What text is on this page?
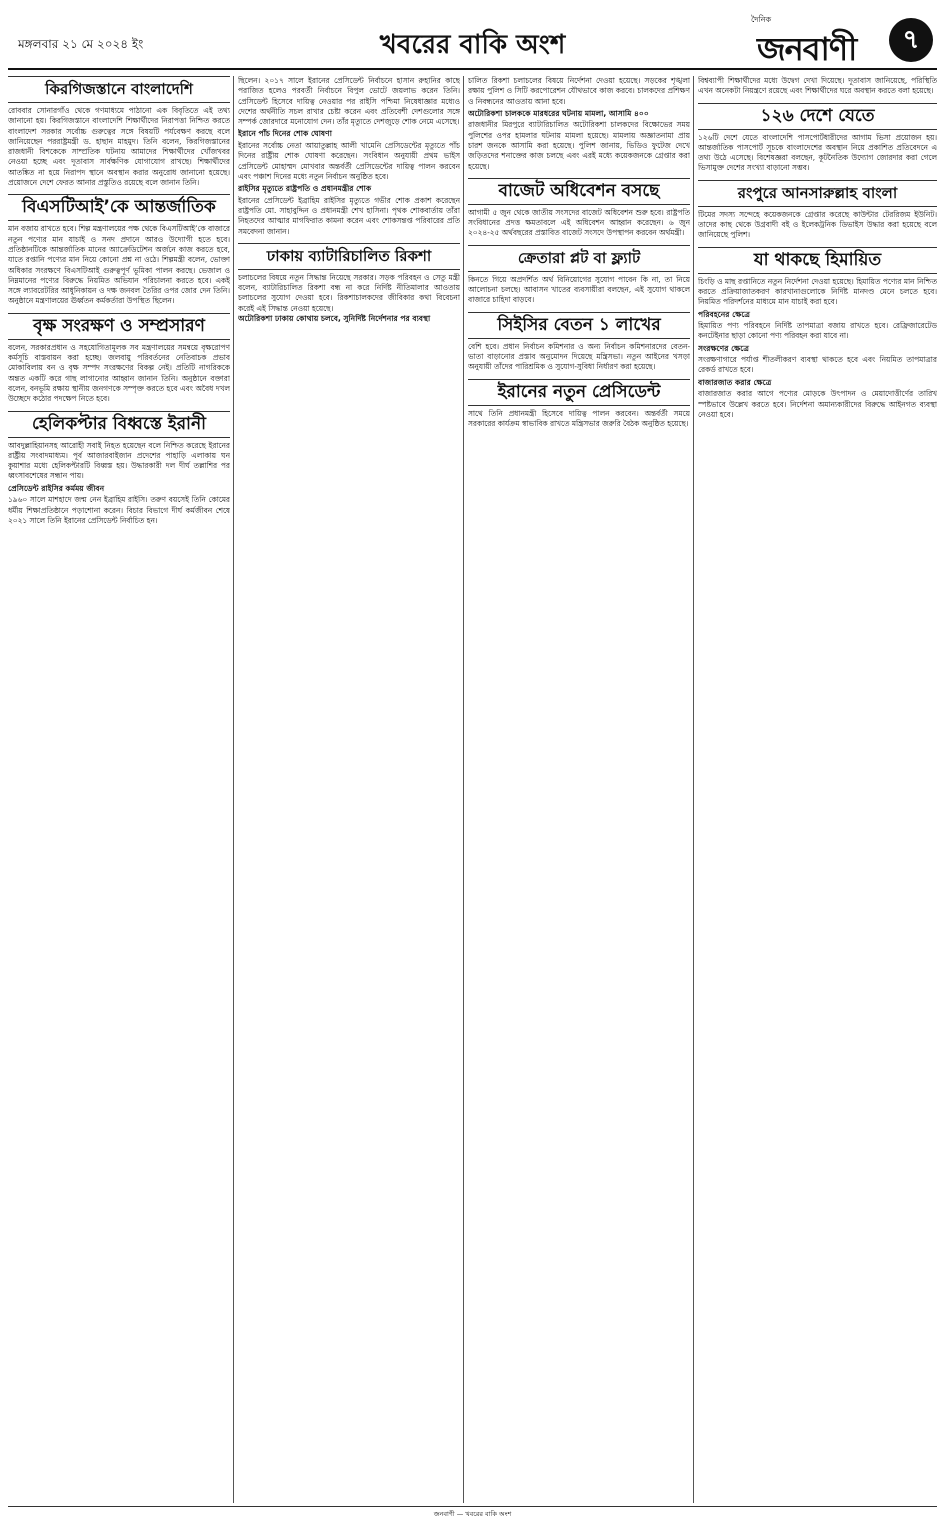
মঙ্গলবার ২১ মে ২০২৪ ইং	খবরের বাকি অংশ
দৈনিক
জনবাণী	৭
কিরগিজস্তানে বাংলাদেশি

রোববার সোনারগাঁও থেকে গণমাধ্যমে পাঠানো এক বিবৃতিতে এই তথ্য জানানো হয়। কিরগিজস্তানে বাংলাদেশি শিক্ষার্থীদের নিরাপত্তা নিশ্চিত করতে বাংলাদেশ সরকার সর্বোচ্চ গুরুত্বের সঙ্গে বিষয়টি পর্যবেক্ষণ করছে বলে জানিয়েছেন পররাষ্ট্রমন্ত্রী ড. হাছান মাহমুদ। তিনি বলেন, কিরগিজস্তানের রাজধানী বিশকেকে সাম্প্রতিক ঘটনায় আমাদের শিক্ষার্থীদের খোঁজখবর নেওয়া হচ্ছে এবং দূতাবাস সার্বক্ষণিক যোগাযোগ রাখছে। শিক্ষার্থীদের আতঙ্কিত না হয়ে নিরাপদ স্থানে অবস্থান করার অনুরোধ জানানো হয়েছে। প্রয়োজনে দেশে ফেরত আনার প্রস্তুতিও রয়েছে বলে জানান তিনি।

বিএসটিআই’কে আন্তর্জাতিক

মান বজায় রাখতে হবে। শিল্প মন্ত্রণালয়ের পক্ষ থেকে বিএসটিআই’কে বাজারে নতুন পণ্যের মান যাচাই ও সনদ প্রদানে আরও উদ্যোগী হতে হবে। প্রতিষ্ঠানটিকে আন্তর্জাতিক মানের অ্যাক্রেডিটেশন অর্জনে কাজ করতে হবে, যাতে রপ্তানি পণ্যের মান নিয়ে কোনো প্রশ্ন না ওঠে। শিল্পমন্ত্রী বলেন, ভোক্তা অধিকার সংরক্ষণে বিএসটিআই গুরুত্বপূর্ণ ভূমিকা পালন করছে। ভেজাল ও নিম্নমানের পণ্যের বিরুদ্ধে নিয়মিত অভিযান পরিচালনা করতে হবে। একই সঙ্গে ল্যাবরেটরির আধুনিকায়ন ও দক্ষ জনবল তৈরির ওপর জোর দেন তিনি। অনুষ্ঠানে মন্ত্রণালয়ের ঊর্ধ্বতন কর্মকর্তারা উপস্থিত ছিলেন।

বৃক্ষ সংরক্ষণ ও সম্প্রসারণ

বলেন, সরকারপ্রধান ও সহযোগিতামূলক সব মন্ত্রণালয়ের সমন্বয়ে বৃক্ষরোপণ কর্মসূচি বাস্তবায়ন করা হচ্ছে। জলবায়ু পরিবর্তনের নেতিবাচক প্রভাব মোকাবিলায় বন ও বৃক্ষ সম্পদ সংরক্ষণের বিকল্প নেই। প্রতিটি নাগরিককে অন্তত একটি করে গাছ লাগানোর আহ্বান জানান তিনি। অনুষ্ঠানে বক্তারা বলেন, বনভূমি রক্ষায় স্থানীয় জনগণকে সম্পৃক্ত করতে হবে এবং অবৈধ দখল উচ্ছেদে কঠোর পদক্ষেপ নিতে হবে।

হেলিকপ্টার বিধ্বস্তে ইরানী

আবদুল্লাহিয়ানসহ আরোহী সবাই নিহত হয়েছেন বলে নিশ্চিত করেছে ইরানের রাষ্ট্রীয় সংবাদমাধ্যম। পূর্ব আজারবাইজান প্রদেশের পাহাড়ি এলাকায় ঘন কুয়াশার মধ্যে হেলিকপ্টারটি বিধ্বস্ত হয়। উদ্ধারকারী দল দীর্ঘ তল্লাশির পর ধ্বংসাবশেষের সন্ধান পায়।

প্রেসিডেন্ট রাইসির কর্মময় জীবন

১৯৬০ সালে মাশহাদে জন্ম নেন ইব্রাহিম রাইসি। তরুণ বয়সেই তিনি কোমের ধর্মীয় শিক্ষাপ্রতিষ্ঠানে পড়াশোনা করেন। বিচার বিভাগে দীর্ঘ কর্মজীবন শেষে ২০২১ সালে তিনি ইরানের প্রেসিডেন্ট নির্বাচিত হন।

ছিলেন। ২০১৭ সালে ইরানের প্রেসিডেন্ট নির্বাচনে হাসান রুহানির কাছে পরাজিত হলেও পরবর্তী নির্বাচনে বিপুল ভোটে জয়লাভ করেন তিনি। প্রেসিডেন্ট হিসেবে দায়িত্ব নেওয়ার পর রাইসি পশ্চিমা নিষেধাজ্ঞার মধ্যেও দেশের অর্থনীতি সচল রাখার চেষ্টা করেন এবং প্রতিবেশী দেশগুলোর সঙ্গে সম্পর্ক জোরদারে মনোযোগ দেন। তাঁর মৃত্যুতে দেশজুড়ে শোক নেমে এসেছে।

ইরানে পাঁচ দিনের শোক ঘোষণা

ইরানের সর্বোচ্চ নেতা আয়াতুল্লাহ আলী খামেনি প্রেসিডেন্টের মৃত্যুতে পাঁচ দিনের রাষ্ট্রীয় শোক ঘোষণা করেছেন। সংবিধান অনুযায়ী প্রথম ভাইস প্রেসিডেন্ট মোহাম্মদ মোখবার অন্তর্বর্তী প্রেসিডেন্টের দায়িত্ব পালন করবেন এবং পঞ্চাশ দিনের মধ্যে নতুন নির্বাচন অনুষ্ঠিত হবে।

রাইসির মৃত্যুতে রাষ্ট্রপতি ও প্রধানমন্ত্রীর শোক

ইরানের প্রেসিডেন্ট ইব্রাহিম রাইসির মৃত্যুতে গভীর শোক প্রকাশ করেছেন রাষ্ট্রপতি মো. সাহাবুদ্দিন ও প্রধানমন্ত্রী শেখ হাসিনা। পৃথক শোকবার্তায় তাঁরা নিহতদের আত্মার মাগফিরাত কামনা করেন এবং শোকসন্তপ্ত পরিবারের প্রতি সমবেদনা জানান।

ঢাকায় ব্যাটারিচালিত রিকশা

চলাচলের বিষয়ে নতুন সিদ্ধান্ত নিয়েছে সরকার। সড়ক পরিবহন ও সেতু মন্ত্রী বলেন, ব্যাটারিচালিত রিকশা বন্ধ না করে নির্দিষ্ট নীতিমালার আওতায় চলাচলের সুযোগ দেওয়া হবে। রিকশাচালকদের জীবিকার কথা বিবেচনা করেই এই সিদ্ধান্ত নেওয়া হয়েছে।

অটোরিকশা ঢাকায় কোথায় চলবে, সুনির্দিষ্ট নির্দেশনার পর ব্যবস্থা

চালিত রিকশা চলাচলের বিষয়ে নির্দেশনা দেওয়া হয়েছে। সড়কের শৃঙ্খলা রক্ষায় পুলিশ ও সিটি করপোরেশন যৌথভাবে কাজ করবে। চালকদের প্রশিক্ষণ ও নিবন্ধনের আওতায় আনা হবে।

অটোরিকশা চালককে মারধরের ঘটনায় মামলা, আসামি ৪০০

রাজধানীর মিরপুরে ব্যাটারিচালিত অটোরিকশা চালকদের বিক্ষোভের সময় পুলিশের ওপর হামলার ঘটনায় মামলা হয়েছে। মামলায় অজ্ঞাতনামা প্রায় চারশ জনকে আসামি করা হয়েছে। পুলিশ জানায়, ভিডিও ফুটেজ দেখে জড়িতদের শনাক্তের কাজ চলছে এবং এরই মধ্যে কয়েকজনকে গ্রেপ্তার করা হয়েছে।

বাজেট অধিবেশন বসছে

আগামী ৫ জুন থেকে জাতীয় সংসদের বাজেট অধিবেশন শুরু হবে। রাষ্ট্রপতি সংবিধানের প্রদত্ত ক্ষমতাবলে এই অধিবেশন আহ্বান করেছেন। ৬ জুন ২০২৪-২৫ অর্থবছরের প্রস্তাবিত বাজেট সংসদে উপস্থাপন করবেন অর্থমন্ত্রী।

ক্রেতারা প্লট বা ফ্ল্যাট

কিনতে গিয়ে অপ্রদর্শিত অর্থ বিনিয়োগের সুযোগ পাবেন কি না, তা নিয়ে আলোচনা চলছে। আবাসন খাতের ব্যবসায়ীরা বলছেন, এই সুযোগ থাকলে বাজারে চাহিদা বাড়বে।

সিইসির বেতন ১ লাখের

বেশি হবে। প্রধান নির্বাচন কমিশনার ও অন্য নির্বাচন কমিশনারদের বেতন-ভাতা বাড়ানোর প্রস্তাব অনুমোদন দিয়েছে মন্ত্রিসভা। নতুন আইনের খসড়া অনুযায়ী তাঁদের পারিশ্রমিক ও সুযোগ-সুবিধা নির্ধারণ করা হয়েছে।

ইরানের নতুন প্রেসিডেন্ট

সাথে তিনি প্রধানমন্ত্রী হিসেবে দায়িত্ব পালন করবেন। অন্তর্বর্তী সময়ে সরকারের কার্যক্রম স্বাভাবিক রাখতে মন্ত্রিসভার জরুরি বৈঠক অনুষ্ঠিত হয়েছে।

বিশ্বব্যাপী শিক্ষার্থীদের মধ্যে উদ্বেগ দেখা দিয়েছে। দূতাবাস জানিয়েছে, পরিস্থিতি এখন অনেকটা নিয়ন্ত্রণে রয়েছে এবং শিক্ষার্থীদের ঘরে অবস্থান করতে বলা হয়েছে।

১২৬ দেশে যেতে

১২৬টি দেশে যেতে বাংলাদেশি পাসপোর্টধারীদের আগাম ভিসা প্রয়োজন হয়। আন্তর্জাতিক পাসপোর্ট সূচকে বাংলাদেশের অবস্থান নিয়ে প্রকাশিত প্রতিবেদনে এ তথ্য উঠে এসেছে। বিশেষজ্ঞরা বলছেন, কূটনৈতিক উদ্যোগ জোরদার করা গেলে ভিসামুক্ত দেশের সংখ্যা বাড়ানো সম্ভব।

রংপুরে আনসারুল্লাহ বাংলা

টিমের সদস্য সন্দেহে কয়েকজনকে গ্রেপ্তার করেছে কাউন্টার টেররিজম ইউনিট। তাদের কাছ থেকে উগ্রবাদী বই ও ইলেকট্রনিক ডিভাইস উদ্ধার করা হয়েছে বলে জানিয়েছে পুলিশ।

যা থাকছে হিমায়িত

চিংড়ি ও মাছ রপ্তানিতে নতুন নির্দেশনা দেওয়া হয়েছে। হিমায়িত পণ্যের মান নিশ্চিত করতে প্রক্রিয়াজাতকরণ কারখানাগুলোকে নির্দিষ্ট মানদণ্ড মেনে চলতে হবে। নিয়মিত পরিদর্শনের মাধ্যমে মান যাচাই করা হবে।

পরিবহনের ক্ষেত্রে

হিমায়িত পণ্য পরিবহনে নির্দিষ্ট তাপমাত্রা বজায় রাখতে হবে। রেফ্রিজারেটেড কনটেইনার ছাড়া কোনো পণ্য পরিবহন করা যাবে না।

সংরক্ষণের ক্ষেত্রে

সংরক্ষণাগারে পর্যাপ্ত শীতলীকরণ ব্যবস্থা থাকতে হবে এবং নিয়মিত তাপমাত্রার রেকর্ড রাখতে হবে।

বাজারজাত করার ক্ষেত্রে

বাজারজাত করার আগে পণ্যের মোড়কে উৎপাদন ও মেয়াদোত্তীর্ণের তারিখ স্পষ্টভাবে উল্লেখ করতে হবে। নির্দেশনা অমান্যকারীদের বিরুদ্ধে আইনগত ব্যবস্থা নেওয়া হবে।

জনবাণী — খবরের বাকি অংশ
